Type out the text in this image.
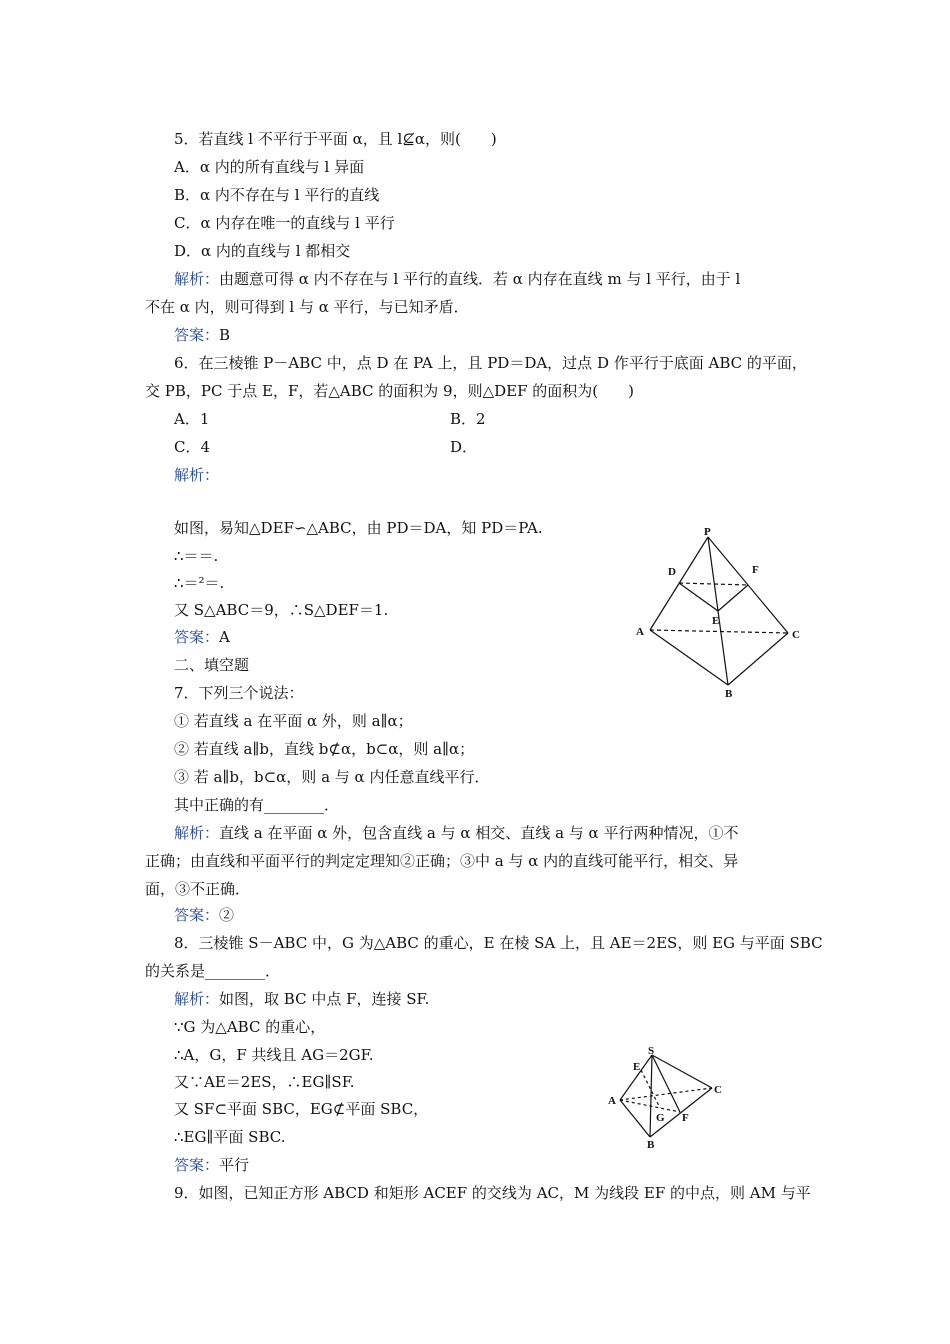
5．若直线 l 不平行于平面 α，且 l⊈α，则(　　)
A．α 内的所有直线与 l 异面
B．α 内不存在与 l 平行的直线
C．α 内存在唯一的直线与 l 平行
D．α 内的直线与 l 都相交
解析：由题意可得 α 内不存在与 l 平行的直线．若 α 内存在直线 m 与 l 平行，由于 l
不在 α 内，则可得到 l 与 α 平行，与已知矛盾．
答案：B
6．在三棱锥 P－ABC 中，点 D 在 PA 上，且 PD＝DA，过点 D 作平行于底面 ABC 的平面，
交 PB，PC 于点 E，F，若△ABC 的面积为 9，则△DEF 的面积为(　　)
A．1	B．2
C．4	D．
解析：
如图，易知△DEF∽△ABC，由 PD＝DA，知 PD＝PA.
∴＝＝.
∴＝²＝.
又 S△ABC＝9，∴S△DEF＝1.
答案：A
P
D	F
E
A	C
B
二、填空题
7．下列三个说法：
① 若直线 a 在平面 α 外，则 a∥α；
② 若直线 a∥b，直线 b⊄α，b⊂α，则 a∥α；
③ 若 a∥b，b⊂α，则 a 与 α 内任意直线平行．
其中正确的有________．
解析：直线 a 在平面 α 外，包含直线 a 与 α 相交、直线 a 与 α 平行两种情况，①不
正确；由直线和平面平行的判定定理知②正确；③中 a 与 α 内的直线可能平行，相交、异
面，③不正确．
答案：②
8．三棱锥 S－ABC 中，G 为△ABC 的重心，E 在棱 SA 上，且 AE＝2ES，则 EG 与平面 SBC
的关系是________．
解析：如图，取 BC 中点 F，连接 SF.
∵G 为△ABC 的重心，
∴A，G，F 共线且 AG＝2GF.
又∵AE＝2ES，∴EG∥SF.
又 SF⊂平面 SBC，EG⊄平面 SBC，
∴EG∥平面 SBC.
答案：平行
S
E
C
A
G F
B
9．如图，已知正方形 ABCD 和矩形 ACEF 的交线为 AC，M 为线段 EF 的中点，则 AM 与平
